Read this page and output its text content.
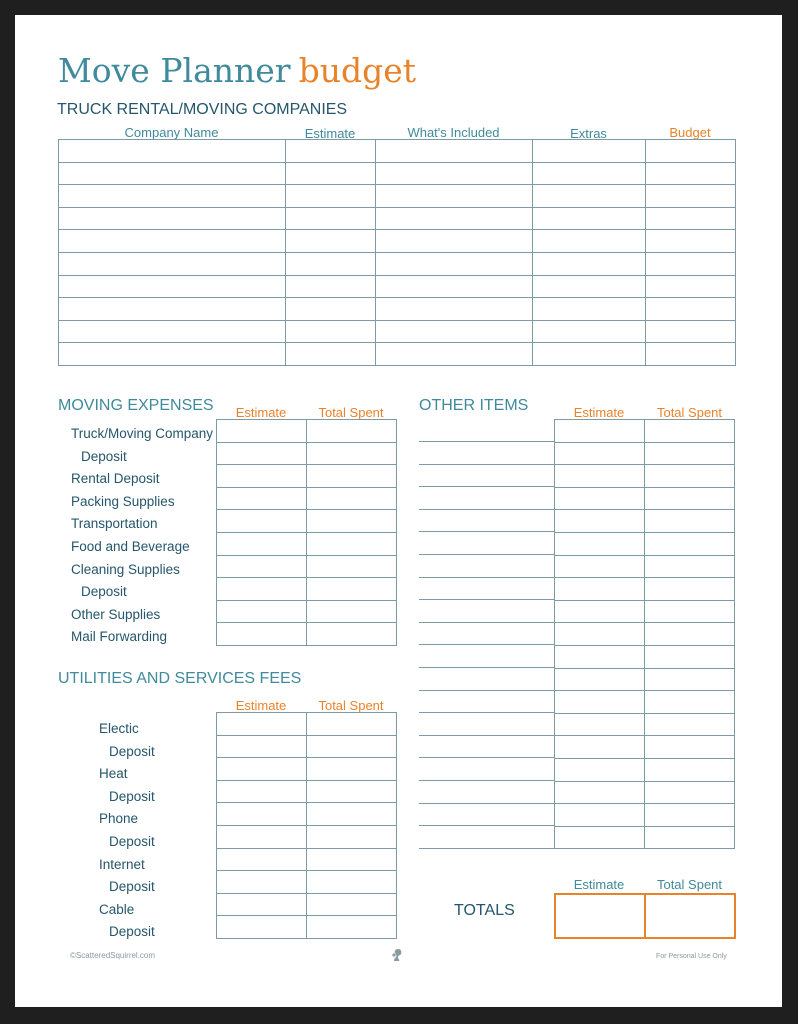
Move Planner budget
TRUCK RENTAL/MOVING COMPANIES
Company Name	Estimate	What's Included	Extras	Budget

MOVING EXPENSES	Estimate	Total Spent
Truck/Moving Company
Deposit
Rental Deposit
Packing Supplies
Transportation
Food and Beverage
Cleaning Supplies
Deposit
Other Supplies
Mail Forwarding

UTILITIES AND SERVICES FEES
Estimate	Total Spent
Electic
Deposit
Heat
Deposit
Phone
Deposit
Internet
Deposit
Cable
Deposit

OTHER ITEMS	Estimate	Total Spent

Estimate	Total Spent
TOTALS

©ScatteredSquirrel.com	For Personal Use Only
